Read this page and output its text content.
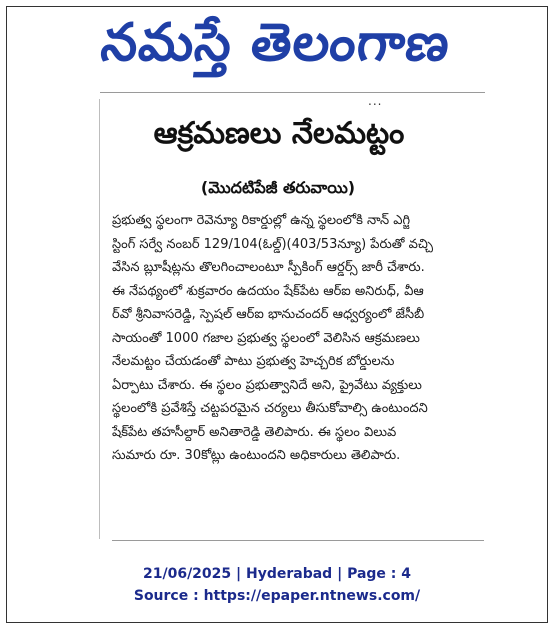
నమస్తే తెలంగాణ
...
ఆక్రమణలు నేలమట్టం
(మొదటిపేజీ తరువాయి)
ప్రభుత్వ స్థలంగా రెవెన్యూ రికార్డుల్లో ఉన్న స్థలంలోకి నాన్ ఎగ్జి
స్టింగ్ సర్వే నంబర్ 129/104(ఓల్డ్)(403/53న్యూ) పేరుతో వచ్చి
వేసిన బ్లూషీట్లను తొలగించాలంటూ స్పీకింగ్ ఆర్డర్స్ జారీ చేశారు.
ఈ నేపథ్యంలో శుక్రవారం ఉదయం షేక్‌పేట ఆర్ఐ అనిరుధ్, వీఆ
ర్‌వో శ్రీనివాసరెడ్డి, స్పెషల్ ఆర్ఐ భానుచందర్ ఆధ్వర్యంలో జేసీబీ
సాయంతో 1000 గజాల ప్రభుత్వ స్థలంలో వెలిసిన ఆక్రమణలు
నేలమట్టం చేయడంతో పాటు ప్రభుత్వ హెచ్చరిక బోర్డులను
ఏర్పాటు చేశారు. ఈ స్థలం ప్రభుత్వానిదే అని, ప్రైవేటు వ్యక్తులు
స్థలంలోకి ప్రవేశిస్తే చట్టపరమైన చర్యలు తీసుకోవాల్సి ఉంటుందని
షేక్‌పేట తహసీల్దార్ అనితారెడ్డి తెలిపారు. ఈ స్థలం విలువ
సుమారు రూ. 30కోట్లు ఉంటుందని అధికారులు తెలిపారు.
21/06/2025 | Hyderabad | Page : 4
Source : https://epaper.ntnews.com/
